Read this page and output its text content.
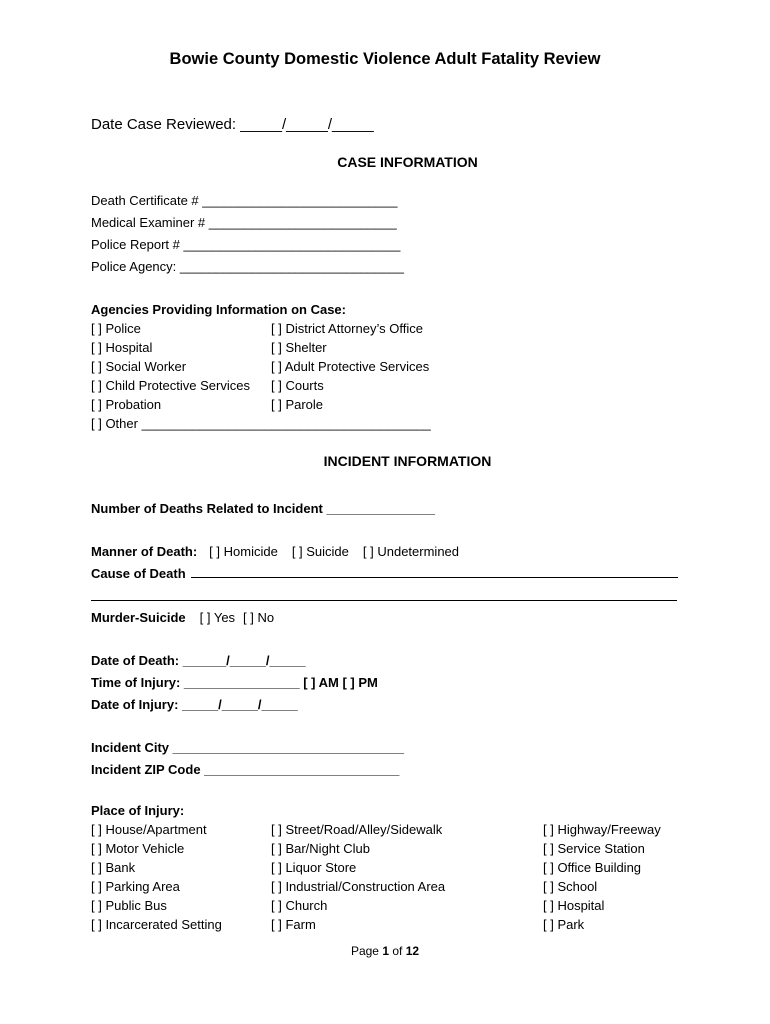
Bowie County Domestic Violence Adult Fatality Review
Date Case Reviewed: _____/_____/_____
CASE INFORMATION
Death Certificate # ___________________________
Medical Examiner # __________________________
Police Report # ______________________________
Police Agency: _______________________________
Agencies Providing Information on Case:
[ ] Police
[ ] Hospital
[ ] Social Worker
[ ] Child Protective Services
[ ] Probation
[ ] District Attorney’s Office
[ ] Shelter
[ ] Adult Protective Services
[ ] Courts
[ ] Parole
[ ] Other ________________________________________
INCIDENT INFORMATION
Number of Deaths Related to Incident _______________
Manner of Death: [ ] Homicide [ ] Suicide [ ] Undetermined
Cause of Death
Murder-Suicide [ ] Yes [ ] No
Date of Death: ______/_____/_____
Time of Injury: ________________ [ ] AM [ ] PM
Date of Injury: _____/_____/_____
Incident City ________________________________
Incident ZIP Code ___________________________
Place of Injury:
[ ] House/Apartment
[ ] Motor Vehicle
[ ] Bank
[ ] Parking Area
[ ] Public Bus
[ ] Incarcerated Setting
[ ] Street/Road/Alley/Sidewalk
[ ] Bar/Night Club
[ ] Liquor Store
[ ] Industrial/Construction Area
[ ] Church
[ ] Farm
[ ] Highway/Freeway
[ ] Service Station
[ ] Office Building
[ ] School
[ ] Hospital
[ ] Park
Page 1 of 12
